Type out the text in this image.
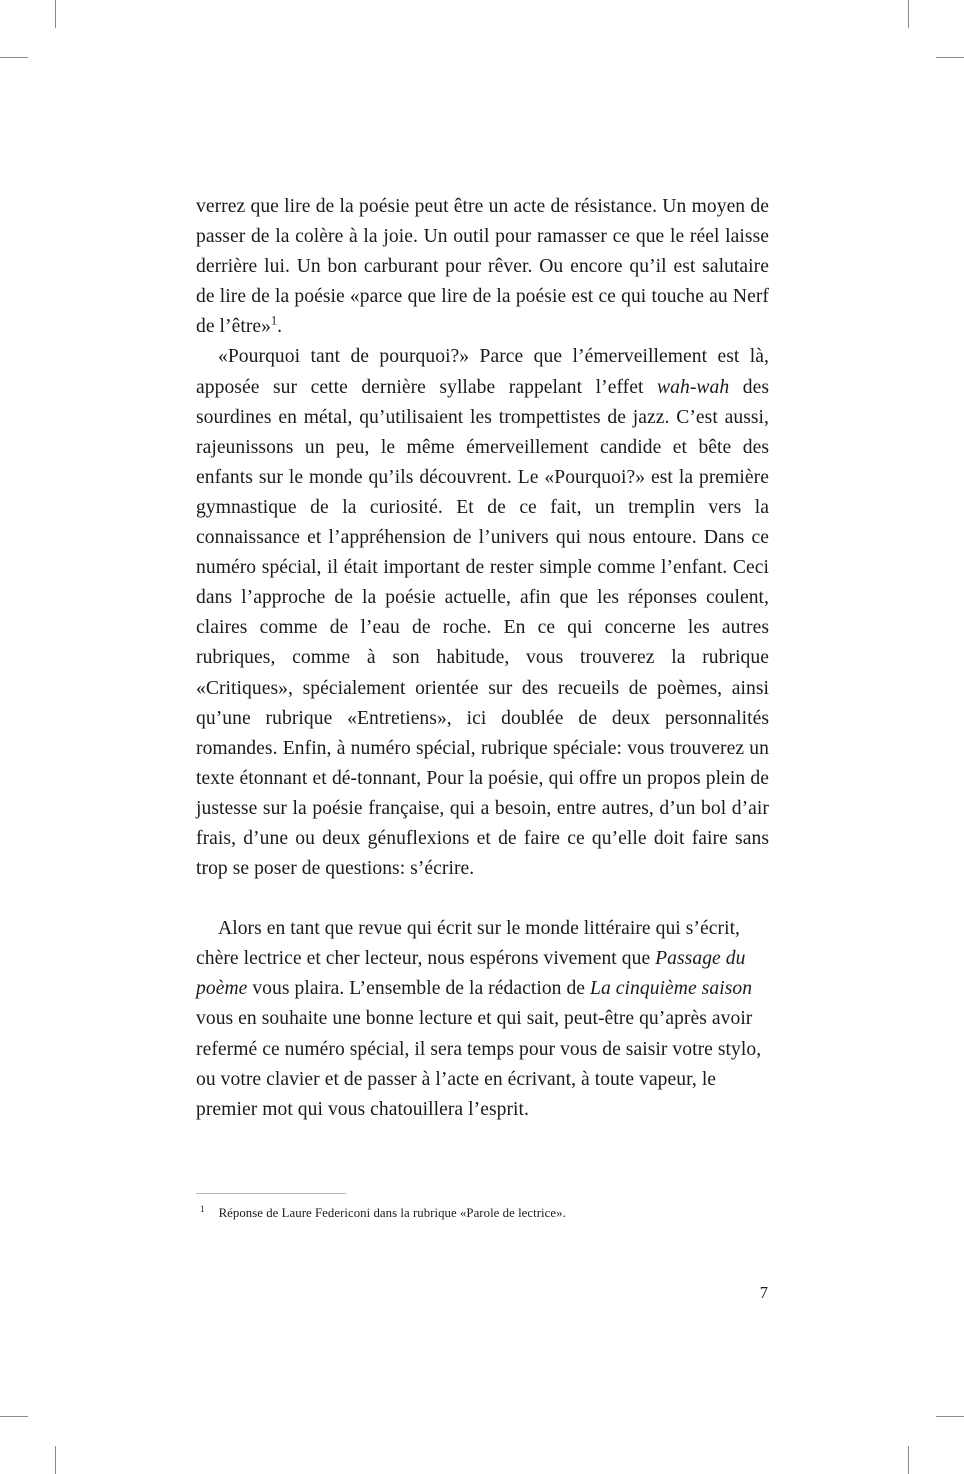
verrez que lire de la poésie peut être un acte de résistance. Un moyen de passer de la colère à la joie. Un outil pour ramasser ce que le réel laisse derrière lui. Un bon carburant pour rêver. Ou encore qu’il est salutaire de lire de la poésie «parce que lire de la poésie est ce qui touche au Nerf de l’être»$^1$.

«Pourquoi tant de pourquoi?» Parce que l’émerveillement est là, apposée sur cette dernière syllabe rappelant l’effet wah-wah des sourdines en métal, qu’utilisaient les trompettistes de jazz. C’est aussi, rajeunissons un peu, le même émerveillement candide et bête des enfants sur le monde qu’ils découvrent. Le «Pourquoi?» est la première gymnastique de la curiosité. Et de ce fait, un tremplin vers la connaissance et l’appréhension de l’univers qui nous entoure. Dans ce numéro spécial, il était important de rester simple comme l’enfant. Ceci dans l’approche de la poésie actuelle, afin que les réponses coulent, claires comme de l’eau de roche. En ce qui concerne les autres rubriques, comme à son habitude, vous trouverez la rubrique «Critiques», spécialement orientée sur des recueils de poèmes, ainsi qu’une rubrique «Entretiens», ici doublée de deux personnalités romandes. Enfin, à numéro spécial, rubrique spéciale: vous trouverez un texte étonnant et dé-tonnant, Pour la poésie, qui offre un propos plein de justesse sur la poésie française, qui a besoin, entre autres, d’un bol d’air frais, d’une ou deux génuflexions et de faire ce qu’elle doit faire sans trop se poser de questions: s’écrire.

Alors en tant que revue qui écrit sur le monde littéraire qui s’écrit, chère lectrice et cher lecteur, nous espérons vivement que Passage du poème vous plaira. L’ensemble de la rédaction de La cinquième saison vous en souhaite une bonne lecture et qui sait, peut-être qu’après avoir refermé ce numéro spécial, il sera temps pour vous de saisir votre stylo, ou votre clavier et de passer à l’acte en écrivant, à toute vapeur, le premier mot qui vous chatouillera l’esprit.

$^1$ Réponse de Laure Federiconi dans la rubrique «Parole de lectrice».
7
